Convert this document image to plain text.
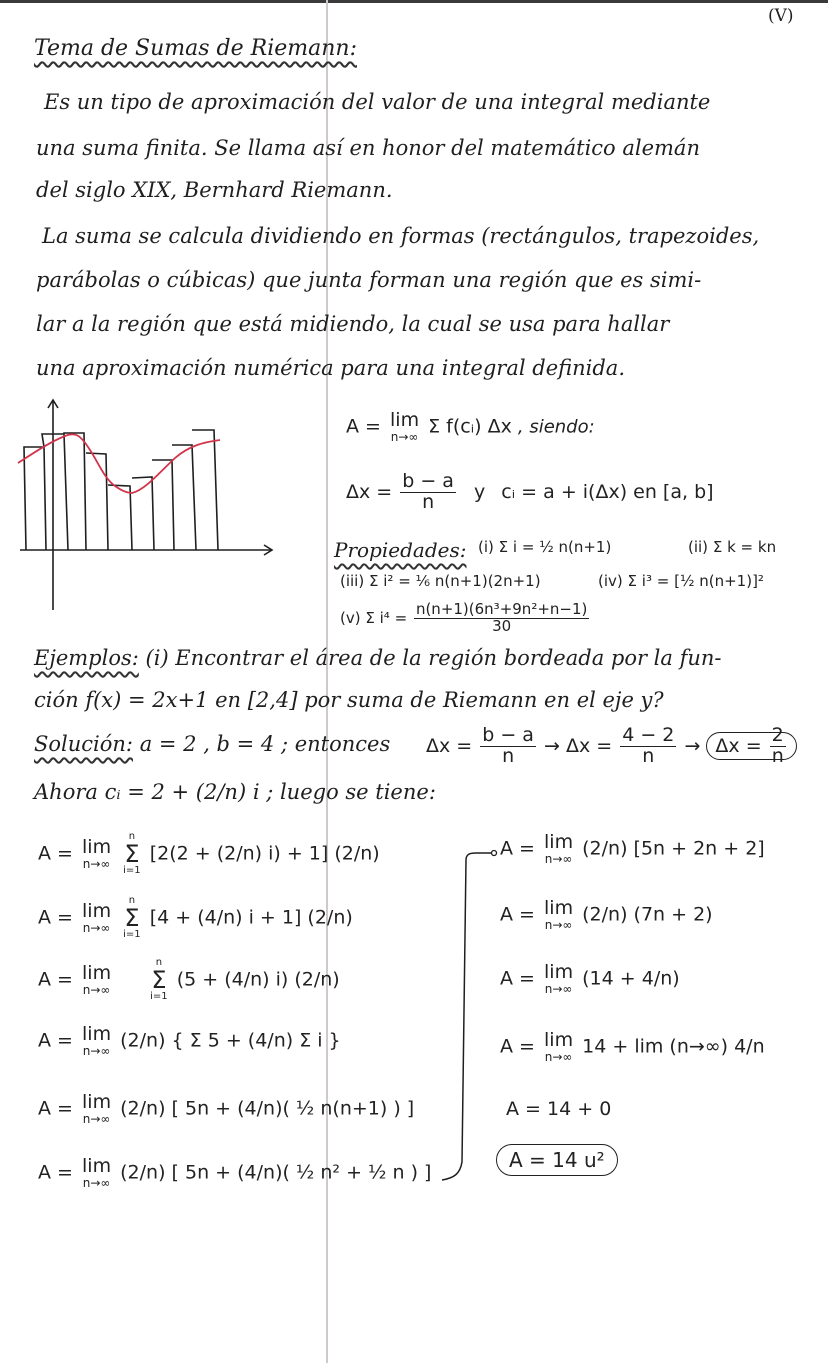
(V)
Tema de Sumas de Riemann:
Es un tipo de aproximación del valor de una integral mediante
una suma finita. Se llama así en honor del matemático alemán
del siglo XIX, Bernhard Riemann.
La suma se calcula dividiendo en formas (rectángulos, trapezoides,
parábolas o cúbicas) que junta forman una región que es simi-
lar a la región que está midiendo, la cual se usa para hallar
una aproximación numérica para una integral definida.
A = lim
n→∞ Σ f(cᵢ) Δx , siendo:
$\Delta x = \frac{b - a}{n}$ y cᵢ = a + i(Δx) en [a, b]
Propiedades: (i) Σ i = ½ n(n+1)	(ii) Σ k = kn
(iii) Σ i² = ⅙ n(n+1)(2n+1)	(iv) Σ i³ = [½ n(n+1)]²
(v) Σ $i^4 = \frac{\text{n(n+1)(6n³+9n²+n−1)}}{30}$
Ejemplos: (i) Encontrar el área de la región bordeada por la fun-
ción f(x) = 2x+1 en [2,4] por suma de Riemann en el eje y?
Solución: a = 2 , b = 4 ; entonces $\Delta x = \frac{b - a}{n} \to \Delta x = \frac{4 - 2}{n} \to \Delta x = \frac{2}{n}$
Ahora cᵢ = 2 + (2/n) i ; luego se tiene:
A = lim
n→∞

n
Σ
i=1
[2(2 + (2/n) i) + 1] (2/n)
A = lim
n→∞

n
Σ
i=1
[4 + (4/n) i + 1] (2/n)
A = lim
n→∞

n
Σ
i=1
(5 + (4/n) i) (2/n)
A = lim
n→∞ (2/n) { Σ 5 + (4/n) Σ i }
A = lim
n→∞ (2/n) [ 5n + (4/n)( ½ n(n+1) ) ]
A = lim
n→∞ (2/n) [ 5n + (4/n)( ½ n² + ½ n ) ]
A = lim
n→∞ (2/n) [5n + 2n + 2]
A = lim
n→∞ (2/n) (7n + 2)
A = lim
n→∞ (14 + 4/n)
A = lim
n→∞ 14 + lim (n→∞) 4/n
A = 14 + 0
A = 14 u²
